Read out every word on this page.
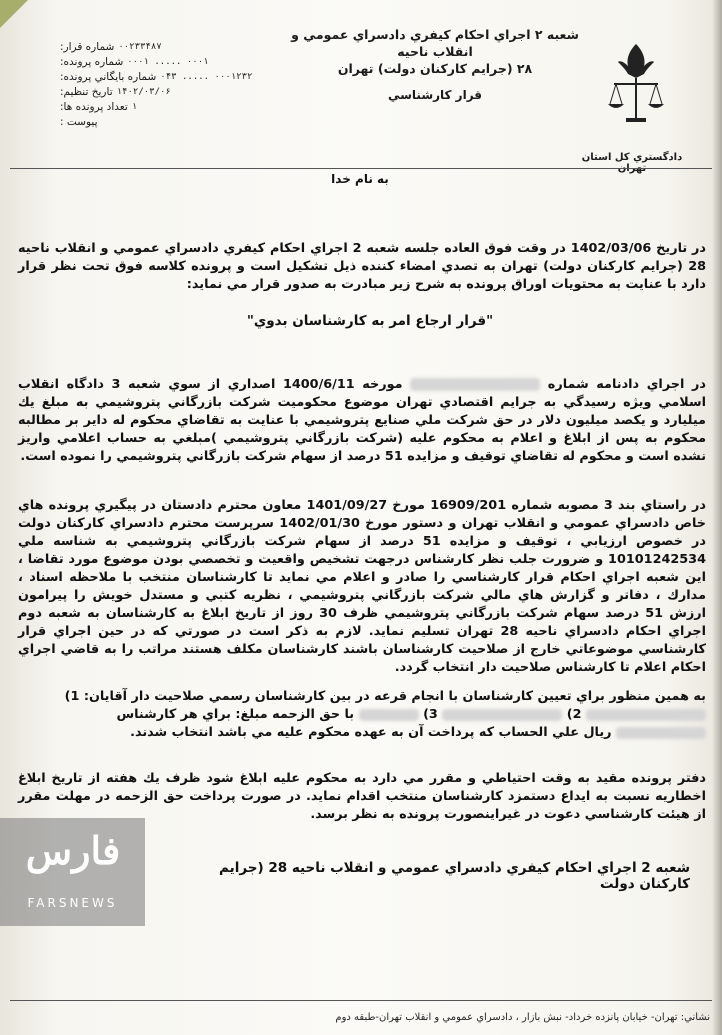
دادگستري كل استان تهران
شعبه ۲ اجراي احكام كيفري دادسراي عمومي و انقلاب ناحيه
۲۸ (جرايم كاركنان دولت) تهران
قرار كارشناسي
شماره قرار: ۰۰۲۳۳۴۸۷
شماره پرونده: ۰۰۰۱ ..... ۰۰۰۱
شماره بايگاني پرونده: ۰۰۰۱۲۳۲ ..... ۰۴۳
تاريخ تنظيم: ۱۴۰۲/۰۳/۰۶
تعداد پرونده ها: ۱
پيوست :
به نام خدا
در تاريخ 1402/03/06 در وقت فوق العاده جلسه شعبه 2 اجراي احكام كيفري دادسراي عمومي و انقلاب ناحيه 28 (جرايم كاركنان دولت) تهران به تصدي امضاء كننده ذيل تشكيل است و پرونده كلاسه فوق تحت نظر قرار دارد با عنايت به محتويات اوراق پرونده به شرح زير مبادرت به صدور قرار مي نمايد:
"قرار ارجاع امر به كارشناسان بدوي"
در اجراي دادنامه شماره  مورخه 1400/6/11 اصداري از سوي شعبه 3 دادگاه انقلاب اسلامي ويژه رسيدگي به جرايم اقتصادي تهران موضوع محكوميت شركت بازرگاني پتروشيمي به مبلغ يك ميليارد و يكصد ميليون دلار در حق شركت ملي صنايع پتروشيمي با عنايت به تقاضاي محكوم له داير بر مطالبه محكوم به پس از ابلاغ و اعلام به محكوم عليه (شركت بازرگاني پتروشيمي )مبلغي به حساب اعلامي واريز نشده است و محكوم له تقاضاي توقيف و مزايده 51 درصد از سهام شركت بازرگاني پتروشيمي را نموده است.
در راستاي بند 3 مصوبه شماره 16909/201 مورخ 1401/09/27 معاون محترم دادستان در پيگيري پرونده هاي خاص دادسراي عمومي و انقلاب تهران و دستور مورخ 1402/01/30 سرپرست محترم دادسراي كاركنان دولت در خصوص ارزيابي ، توقيف و مزايده 51 درصد از سهام شركت بازرگاني پتروشيمي به شناسه ملي 10101242534 و ضرورت جلب نظر كارشناس درجهت تشخيص واقعيت و تخصصي بودن موضوع مورد تقاضا ، اين شعبه اجراي احكام قرار كارشناسي را صادر و اعلام مي نمايد تا كارشناسان منتخب با ملاحظه اسناد ، مدارك ، دفاتر و گزارش هاي مالي شركت بازرگاني پتروشيمي ، نظريه كتبي و مستدل خويش را پيرامون ارزش 51 درصد سهام شركت بازرگاني پتروشيمي ظرف 30 روز از تاريخ ابلاغ به كارشناسان به شعبه دوم اجراي احكام دادسراي ناحيه 28 تهران تسليم نمايد. لازم به ذكر است در صورتي كه در حين اجراي قرار كارشناسي موضوعاتي خارج از صلاحيت كارشناسان باشند كارشناسان مكلف هستند مراتب را به قاضي اجراي احكام اعلام تا كارشناس صلاحيت دار انتخاب گردد.
به همين منظور براي تعيين كارشناسان با انجام قرعه در بين كارشناسان رسمي صلاحيت دار آقايان: 1)
2)  3)  با حق الزحمه مبلغ: براي هر كارشناس
ريال علي الحساب كه پرداخت آن به عهده محكوم عليه مي باشد انتخاب شدند.
دفتر پرونده مقيد به وقت احتياطي و مقرر مي دارد به محكوم عليه ابلاغ شود ظرف يك هفته از تاريخ ابلاغ اخطاريه نسبت به ايداع دستمزد كارشناسان منتخب اقدام نمايد. در صورت پرداخت حق الزحمه در مهلت مقرر از هيئت كارشناسي دعوت در غيراينصورت پرونده به نظر برسد.
شعبه 2 اجراي احكام كيفري دادسراي عمومي و انقلاب ناحيه 28 (جرايم كاركنان دولت
نشاني: تهران- خيابان پانزده خرداد- نبش بازار ، دادسراي عمومي و انقلاب تهران-طبقه دوم
فارس
FARSNEWS
